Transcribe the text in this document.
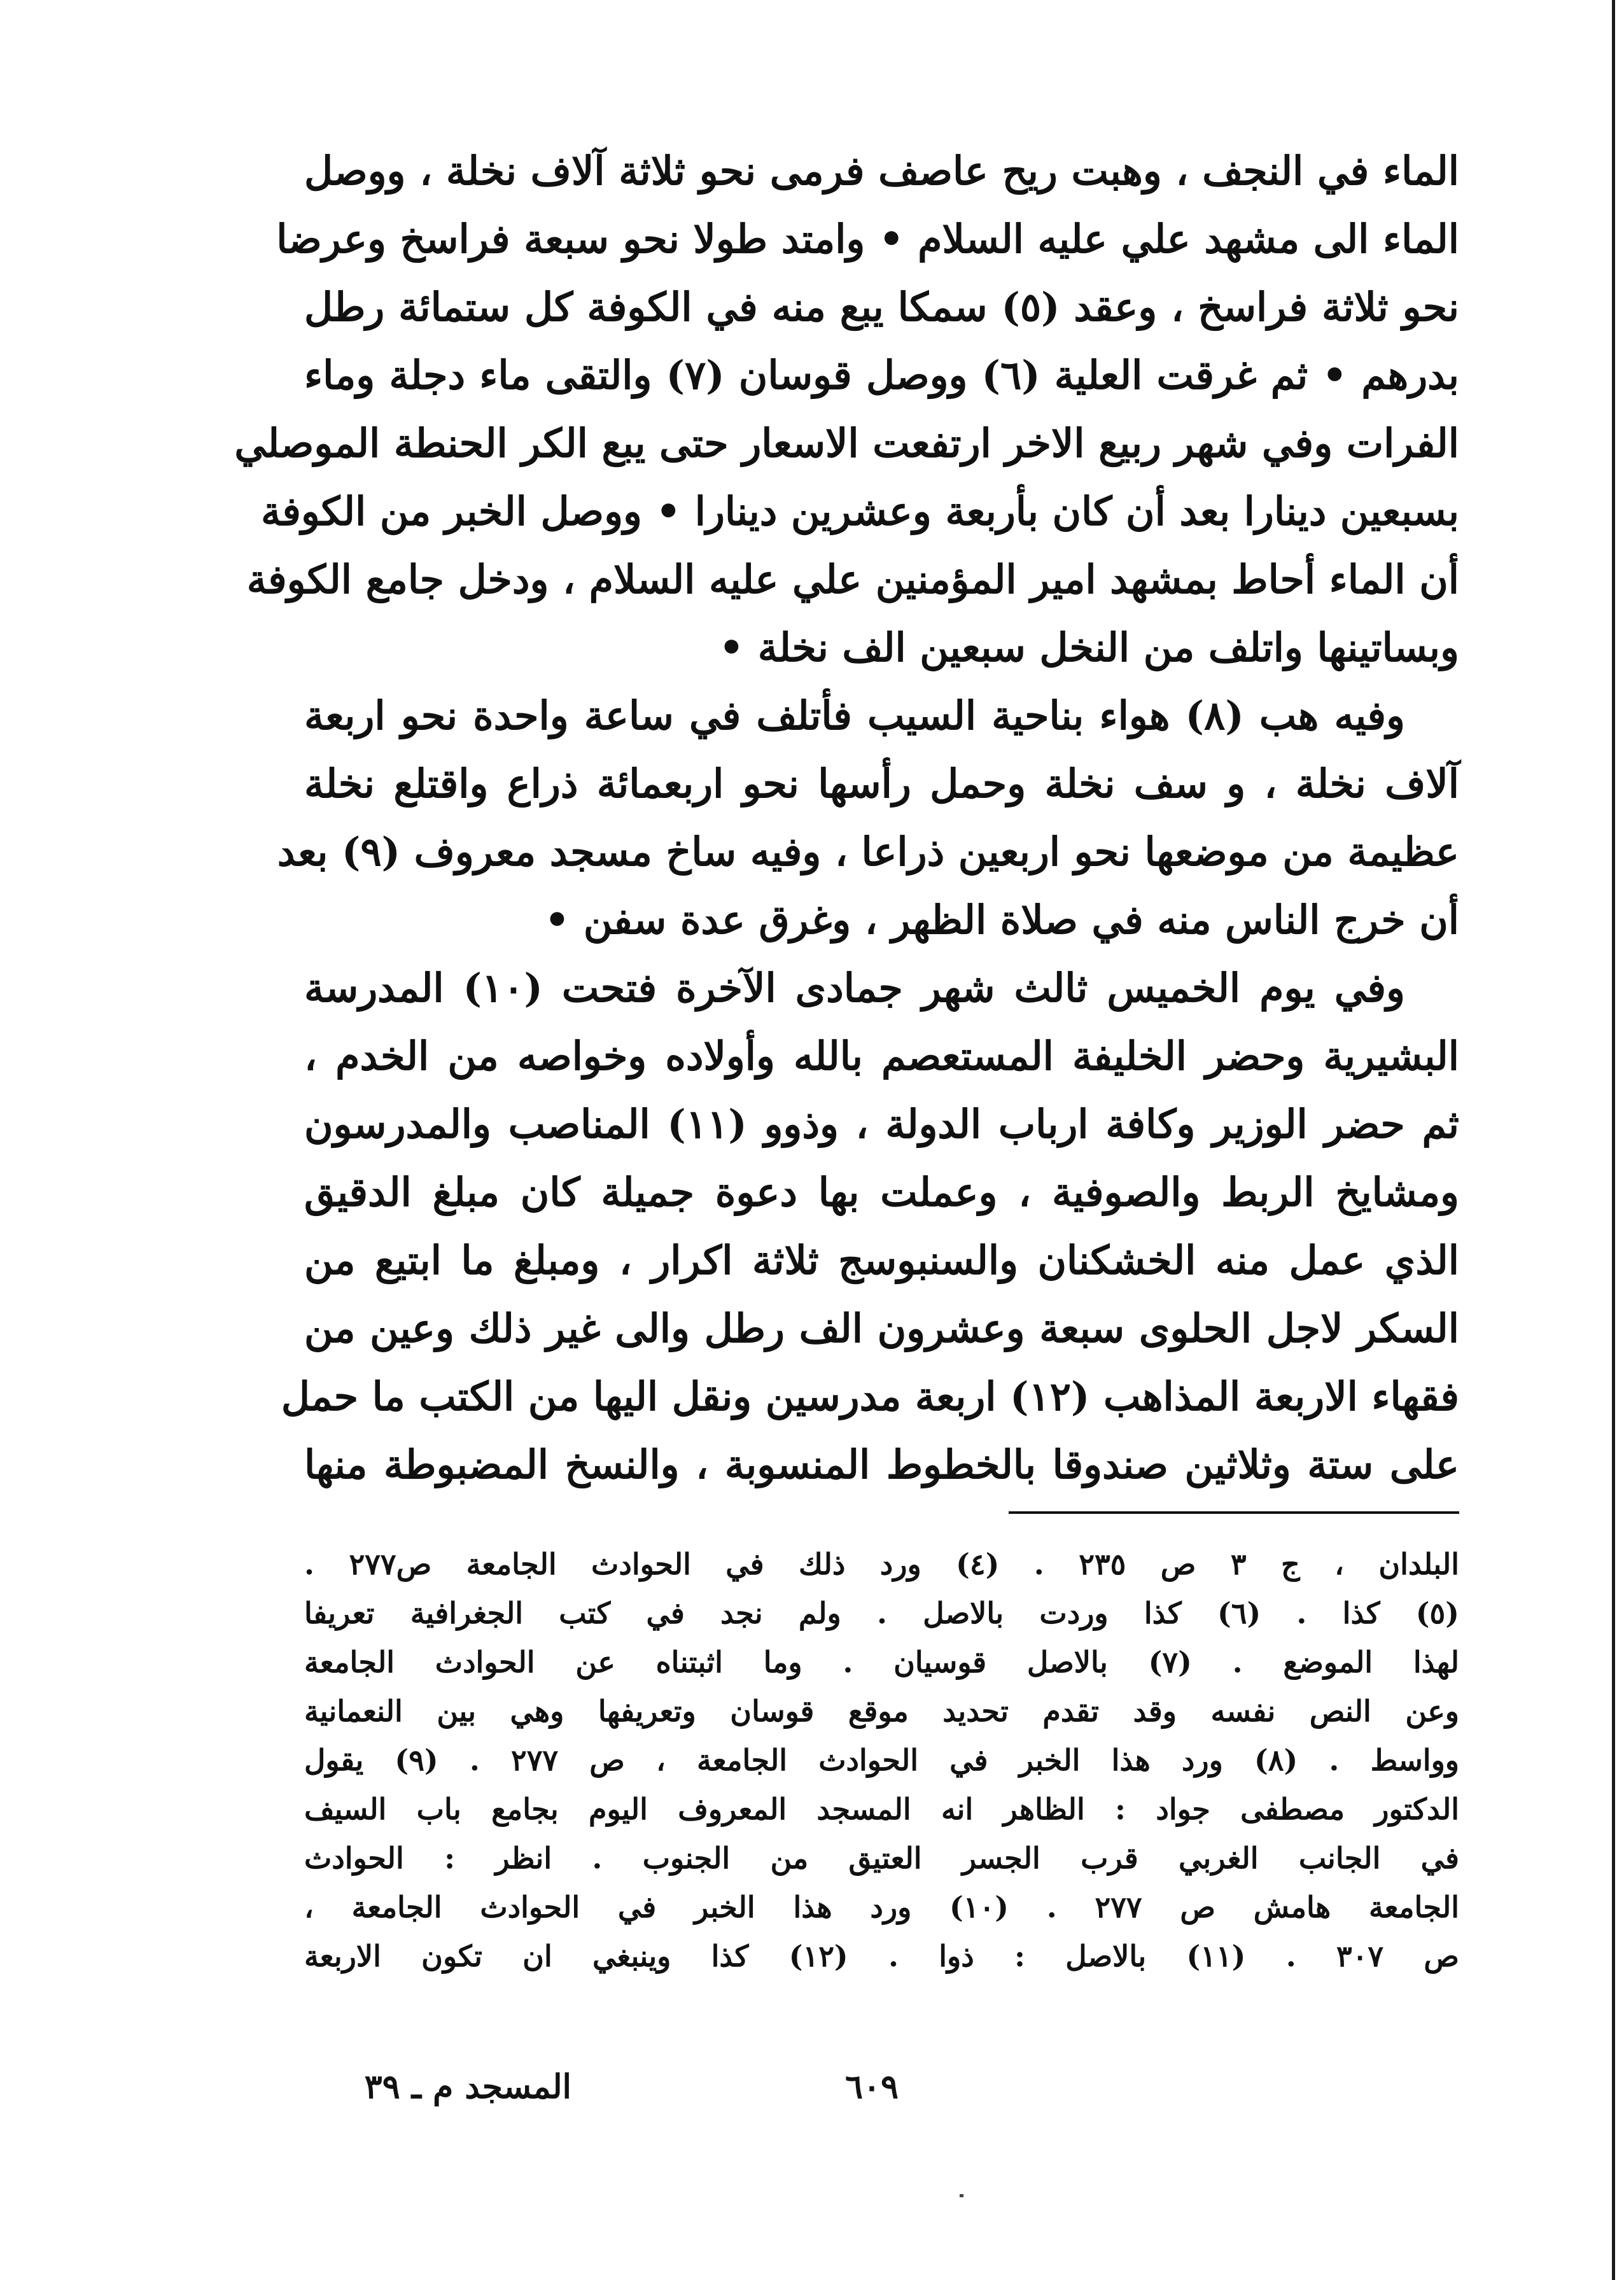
الماء في النجف ، وهبت ريح عاصف فرمى نحو ثلاثة آلاف نخلة ، ووصل
الماء الى مشهد علي عليه السلام • وامتد طولا نحو سبعة فراسخ وعرضا
نحو ثلاثة فراسخ ، وعقد (٥) سمكا يبع منه في الكوفة كل ستمائة رطل
بدرهم • ثم غرقت العلية (٦) ووصل قوسان (٧) والتقى ماء دجلة وماء
الفرات وفي شهر ربيع الاخر ارتفعت الاسعار حتى يبع الكر الحنطة الموصلي
بسبعين دينارا بعد أن كان بأربعة وعشرين دينارا • ووصل الخبر من الكوفة
أن الماء أحاط بمشهد امير المؤمنين علي عليه السلام ، ودخل جامع الكوفة
وبساتينها واتلف من النخل سبعين الف نخلة •
وفيه هب (٨) هواء بناحية السيب فأتلف في ساعة واحدة نحو اربعة
آلاف نخلة ، و سف نخلة وحمل رأسها نحو اربعمائة ذراع واقتلع نخلة
عظيمة من موضعها نحو اربعين ذراعا ، وفيه ساخ مسجد معروف (٩) بعد
أن خرج الناس منه في صلاة الظهر ، وغرق عدة سفن •
وفي يوم الخميس ثالث شهر جمادى الآخرة فتحت (١٠) المدرسة
البشيرية وحضر الخليفة المستعصم بالله وأولاده وخواصه من الخدم ،
ثم حضر الوزير وكافة ارباب الدولة ، وذوو (١١) المناصب والمدرسون
ومشايخ الربط والصوفية ، وعملت بها دعوة جميلة كان مبلغ الدقيق
الذي عمل منه الخشكنان والسنبوسج ثلاثة اكرار ، ومبلغ ما ابتيع من
السكر لاجل الحلوى سبعة وعشرون الف رطل والى غير ذلك وعين من
فقهاء الاربعة المذاهب (١٢) اربعة مدرسين ونقل اليها من الكتب ما حمل
على ستة وثلاثين صندوقا بالخطوط المنسوبة ، والنسخ المضبوطة منها
البلدان ، ج ٣ ص ٢٣٥ . (٤) ورد ذلك في الحوادث الجامعة ص٢٧٧ .
(٥) كذا . (٦) كذا وردت بالاصل . ولم نجد في كتب الجغرافية تعريفا
لهذا الموضع . (٧) بالاصل قوسيان . وما اثبتناه عن الحوادث الجامعة
وعن النص نفسه وقد تقدم تحديد موقع قوسان وتعريفها وهي بين النعمانية
وواسط . (٨) ورد هذا الخبر في الحوادث الجامعة ، ص ٢٧٧ . (٩) يقول
الدكتور مصطفى جواد : الظاهر انه المسجد المعروف اليوم بجامع باب السيف
في الجانب الغربي قرب الجسر العتيق من الجنوب . انظر : الحوادث
الجامعة هامش ص ٢٧٧ . (١٠) ورد هذا الخبر في الحوادث الجامعة ،
ص ٣٠٧ . (١١) بالاصل : ذوا . (١٢) كذا وينبغي ان تكون الاربعة
٦٠٩
المسجد م ـ ٣٩
